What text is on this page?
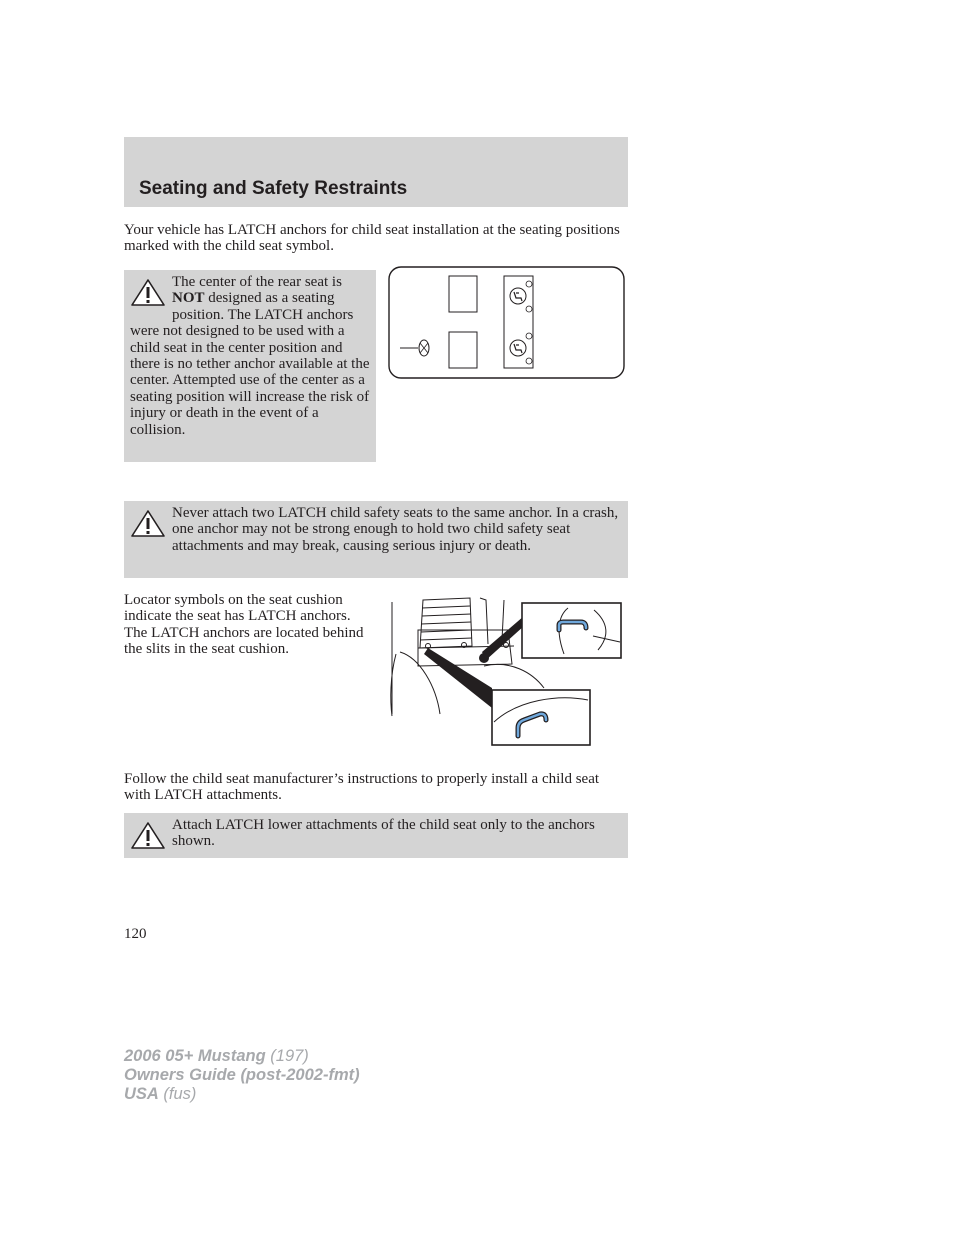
Seating and Safety Restraints

Your vehicle has LATCH anchors for child seat installation at the seating positions marked with the child seat symbol.

The center of the rear seat is NOT designed as a seating position. The LATCH anchors were not designed to be used with a child seat in the center position and there is no tether anchor available at the center. Attempted use of the center as a seating position will increase the risk of injury or death in the event of a collision.

Never attach two LATCH child safety seats to the same anchor. In a crash, one anchor may not be strong enough to hold two child safety seat attachments and may break, causing serious injury or death.

Locator symbols on the seat cushion indicate the seat has LATCH anchors. The LATCH anchors are located behind the slits in the seat cushion.

Follow the child seat manufacturer’s instructions to properly install a child seat with LATCH attachments.

Attach LATCH lower attachments of the child seat only to the anchors shown.

120
2006 05+ Mustang (197)
Owners Guide (post-2002-fmt)
USA (fus)
